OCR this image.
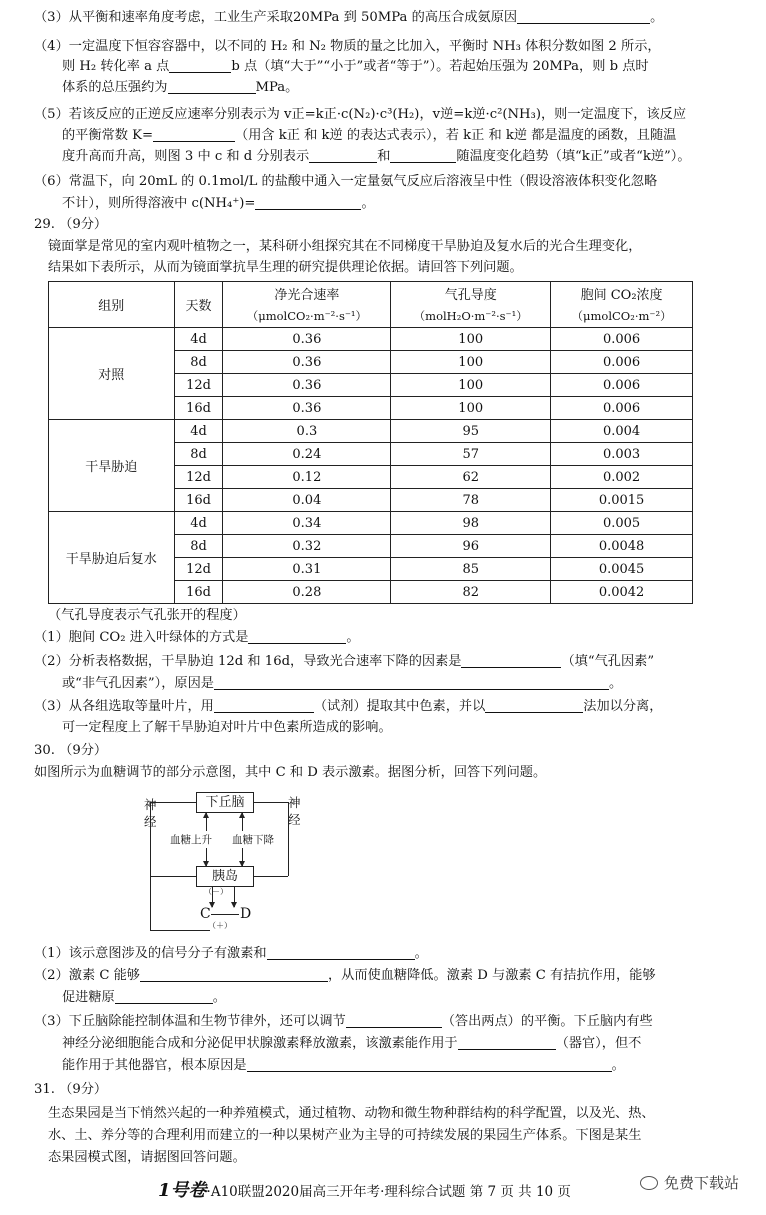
（3）从平衡和速率角度考虑，工业生产采取20MPa 到 50MPa 的高压合成氨原因	。
（4）一定温度下恒容容器中，以不同的 H₂ 和 N₂ 物质的量之比加入，平衡时 NH₃ 体积分数如图 2 所示，
则 H₂ 转化率 a 点	b 点（填“大于”“小于”或者“等于”）。若起始压强为 20MPa，则 b 点时
体系的总压强约为	MPa。
（5）若该反应的正逆反应速率分别表示为 v正=k正·c(N₂)·c³(H₂)，v逆=k逆·c²(NH₃)，则一定温度下，该反应
的平衡常数 K=	（用含 k正 和 k逆 的表达式表示），若 k正 和 k逆 都是温度的函数，且随温
度升高而升高，则图 3 中 c 和 d 分别表示	和	随温度变化趋势（填“k正”或者“k逆”）。
（6）常温下，向 20mL 的 0.1mol/L 的盐酸中通入一定量氨气反应后溶液呈中性（假设溶液体积变化忽略
不计），则所得溶液中 c(NH₄⁺)=	。
29. （9分）
镜面掌是常见的室内观叶植物之一，某科研小组探究其在不同梯度干旱胁迫及复水后的光合生理变化，
结果如下表所示，从而为镜面掌抗旱生理的研究提供理论依据。请回答下列问题。
组别	天数	净光合速率	气孔导度	胞间 CO₂浓度
		（μmolCO₂·m⁻²·s⁻¹）	（molH₂O·m⁻²·s⁻¹）	（μmolCO₂·m⁻²）
对照	4d	0.36	100	0.006
	8d	0.36	100	0.006
	12d	0.36	100	0.006
	16d	0.36	100	0.006
干旱胁迫	4d	0.3	95	0.004
	8d	0.24	57	0.003
	12d	0.12	62	0.002
	16d	0.04	78	0.0015
干旱胁迫后复水	4d	0.34	98	0.005
	8d	0.32	96	0.0048
	12d	0.31	85	0.0045
	16d	0.28	82	0.0042
（气孔导度表示气孔张开的程度）
（1）胞间 CO₂ 进入叶绿体的方式是	。
（2）分析表格数据，干旱胁迫 12d 和 16d，导致光合速率下降的因素是	（填“气孔因素”
或“非气孔因素”），原因是	。
（3）从各组选取等量叶片，用	（试剂）提取其中色素，并以	法加以分离，
可一定程度上了解干旱胁迫对叶片中色素所造成的影响。
30. （9分）
如图所示为血糖调节的部分示意图，其中 C 和 D 表示激素。据图分析，回答下列问题。
神经
神经
下丘脑
胰岛
血糖上升 血糖下降
（－）
C D
（＋）
（1）该示意图涉及的信号分子有激素和	。
（2）激素 C 能够	，从而使血糖降低。激素 D 与激素 C 有拮抗作用，能够
促进糖原	。
（3）下丘脑除能控制体温和生物节律外，还可以调节	（答出两点）的平衡。下丘脑内有些
神经分泌细胞能合成和分泌促甲状腺激素释放激素，该激素能作用于	（器官），但不
能作用于其他器官，根本原因是	。
31. （9分）
生态果园是当下悄然兴起的一种养殖模式，通过植物、动物和微生物种群结构的科学配置，以及光、热、
水、土、养分等的合理利用而建立的一种以果树产业为主导的可持续发展的果园生产体系。下图是某生
态果园模式图，请据图回答问题。
1号卷·A10联盟2020届高三开年考·理科综合试题 第 7 页 共 10 页	免费下载站
